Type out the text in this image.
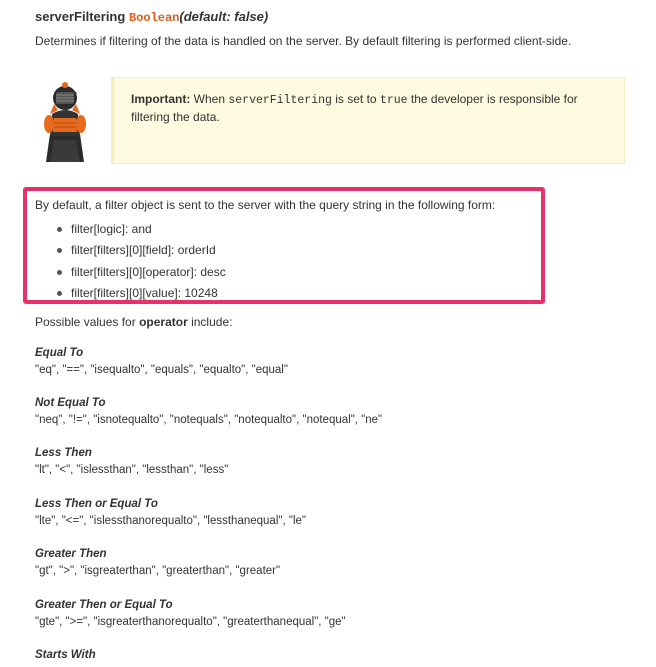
serverFiltering Boolean(default: false)
Determines if filtering of the data is handled on the server. By default filtering is performed client-side.
Important: When serverFiltering is set to true the developer is responsible for filtering the data.
By default, a filter object is sent to the server with the query string in the following form:
filter[logic]: and
filter[filters][0][field]: orderId
filter[filters][0][operator]: desc
filter[filters][0][value]: 10248
Possible values for operator include:
Equal To
"eq", "==", "isequalto", "equals", "equalto", "equal"
Not Equal To
"neq", "!=", "isnotequalto", "notequals", "notequalto", "notequal", "ne"
Less Then
"lt", "<", "islessthan", "lessthan", "less"
Less Then or Equal To
"lte", "<=", "islessthanorequalto", "lessthanequal", "le"
Greater Then
"gt", ">", "isgreaterthan", "greaterthan", "greater"
Greater Then or Equal To
"gte", ">=", "isgreaterthanorequalto", "greaterthanequal", "ge"
Starts With
